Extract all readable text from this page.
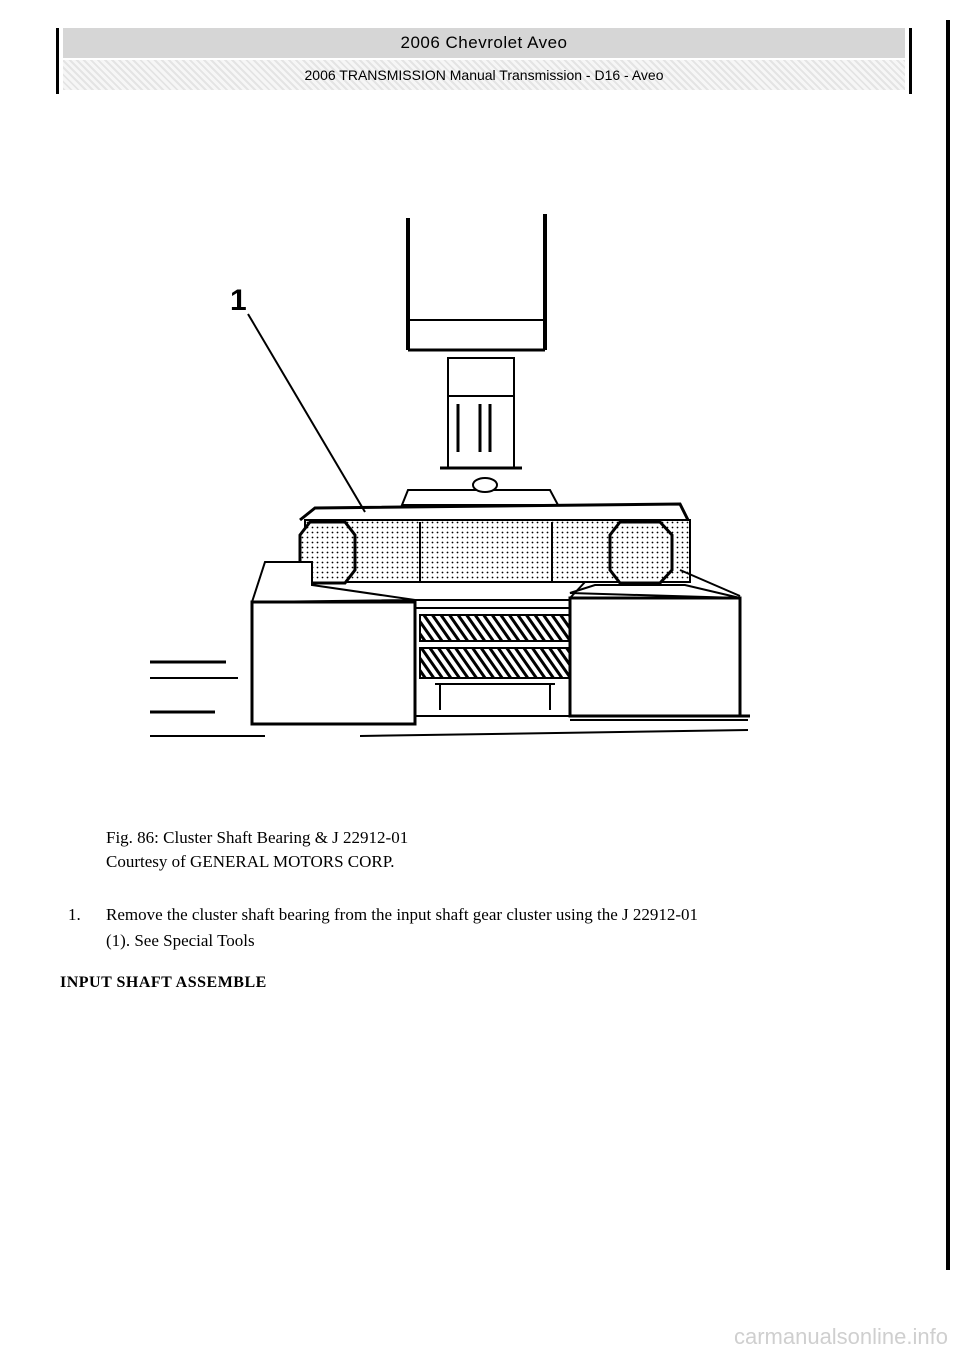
2006 Chevrolet Aveo
2006 TRANSMISSION Manual Transmission - D16 - Aveo
1
Fig. 86: Cluster Shaft Bearing & J 22912-01
Courtesy of GENERAL MOTORS CORP.
1.	Remove the cluster shaft bearing from the input shaft gear cluster using the J 22912-01
(1). See Special Tools
INPUT SHAFT ASSEMBLE
carmanualsonline.info
